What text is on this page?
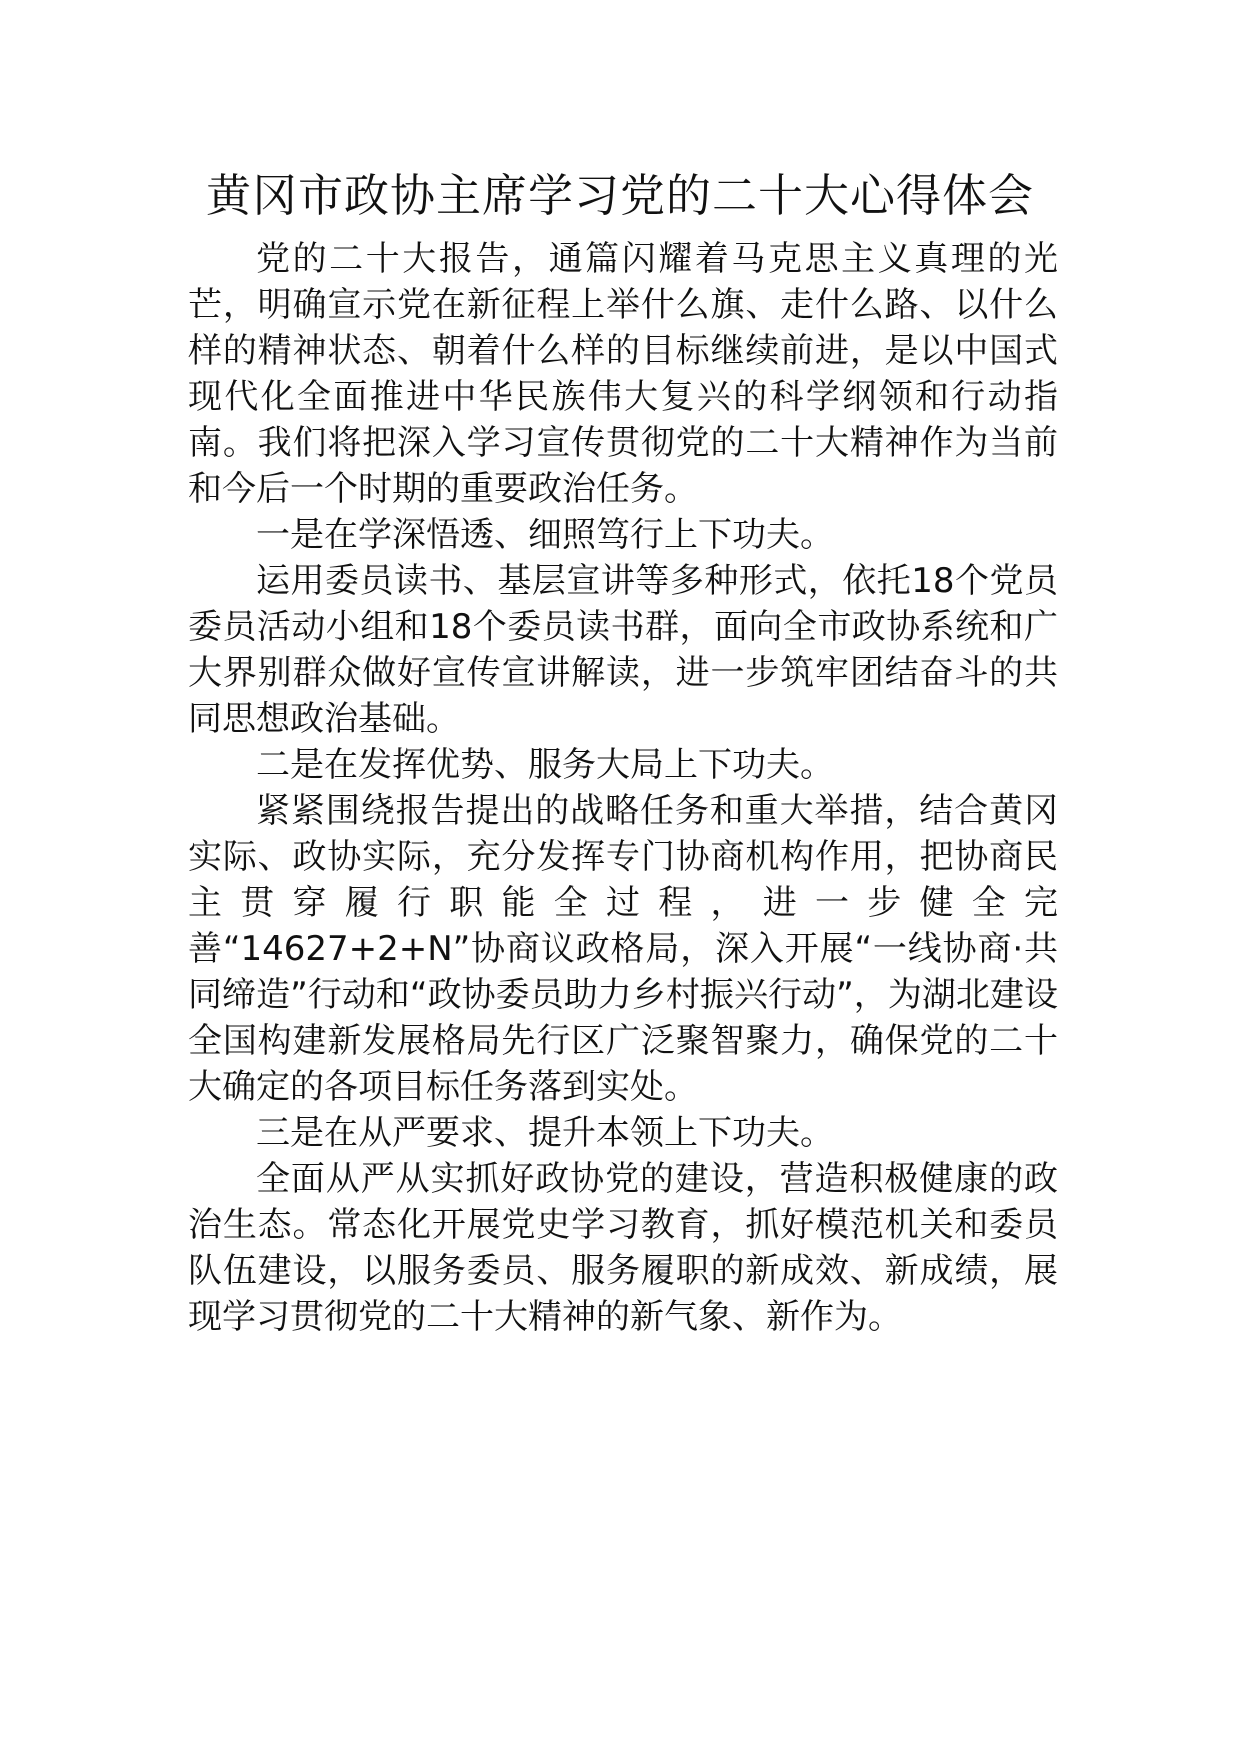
黄冈市政协主席学习党的二十大心得体会

党的二十大报告，通篇闪耀着马克思主义真理的光芒，明确宣示党在新征程上举什么旗、走什么路、以什么样的精神状态、朝着什么样的目标继续前进，是以中国式现代化全面推进中华民族伟大复兴的科学纲领和行动指南。我们将把深入学习宣传贯彻党的二十大精神作为当前和今后一个时期的重要政治任务。

一是在学深悟透、细照笃行上下功夫。

运用委员读书、基层宣讲等多种形式，依托18个党员委员活动小组和18个委员读书群，面向全市政协系统和广大界别群众做好宣传宣讲解读，进一步筑牢团结奋斗的共同思想政治基础。

二是在发挥优势、服务大局上下功夫。

紧紧围绕报告提出的战略任务和重大举措，结合黄冈实际、政协实际，充分发挥专门协商机构作用，把协商民主贯穿履行职能全过程，进一步健全完善“14627+2+N”协商议政格局，深入开展“一线协商·共同缔造”行动和“政协委员助力乡村振兴行动”，为湖北建设全国构建新发展格局先行区广泛聚智聚力，确保党的二十大确定的各项目标任务落到实处。

三是在从严要求、提升本领上下功夫。

全面从严从实抓好政协党的建设，营造积极健康的政治生态。常态化开展党史学习教育，抓好模范机关和委员队伍建设，以服务委员、服务履职的新成效、新成绩，展现学习贯彻党的二十大精神的新气象、新作为。
